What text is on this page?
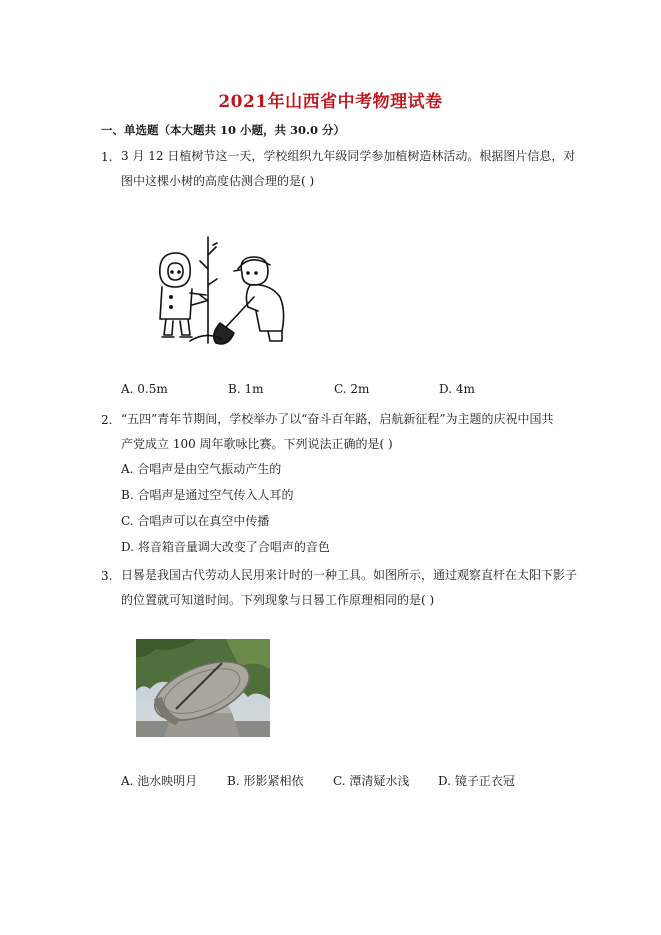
2021年山西省中考物理试卷
一、单选题（本大题共 10 小题，共 30.0 分）
1. 3 月 12 日植树节这一天，学校组织九年级同学参加植树造林活动。根据图片信息，对
图中这棵小树的高度估测合理的是( )
A. 0.5m	B. 1m	C. 2m	D. 4m
2. “五四”青年节期间，学校举办了以“奋斗百年路，启航新征程”为主题的庆祝中国共
产党成立 100 周年歌咏比赛。下列说法正确的是( )
A. 合唱声是由空气振动产生的
B. 合唱声是通过空气传入人耳的
C. 合唱声可以在真空中传播
D. 将音箱音量调大改变了合唱声的音色
3. 日晷是我国古代劳动人民用来计时的一种工具。如图所示，通过观察直杆在太阳下影子
的位置就可知道时间。下列现象与日晷工作原理相同的是( )
A. 池水映明月 B. 形影紧相依 C. 潭清疑水浅 D. 镜子正衣冠
